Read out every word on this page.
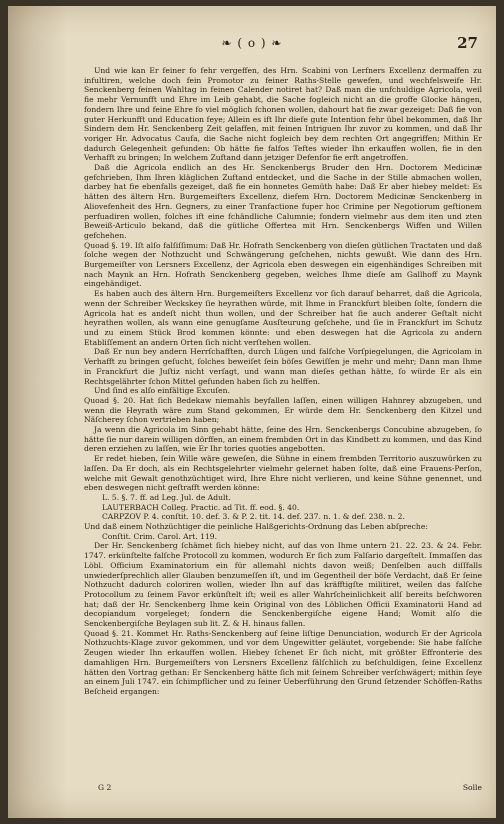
❧ ( o ) ❧	27

Und wie kan Er feiner fo fehr vergeffen, des Hrn. Scabini von Lerfners Excellenz dermaffen zu infultiren, welche doch fein Promotor zu feiner Raths-Stelle gewefen, und wechfelsweife Hr. Senckenberg feinen Wahltag in feinen Calender notiret hat? Daß man die unfchuldige Agricola, weil fie mehr Vernunfft und Ehre im Leib gehabt, die Sache fogleich nicht an die groffe Glocke hängen, fondern Ihre und feine Ehre fo viel möglich fchonen wollen, dahourt hat fie zwar gezeiget: Daß fie von guter Herkunfft und Education feye; Allein es ift Ihr diefe gute Intention fehr übel bekommen, daß Ihr Sindern dem Hr. Senckenberg Zeit gelaffen, mit feinen Intriguen Ihr zuvor zu kommen, und daß Ihr voriger Hr. Advocatus Caufa, die Sache nicht fogleich bey dem rechten Ort angegriffen; Mithin Er dadurch Gelegenheit gefunden: Ob hätte fie falfos Teftes wieder Ihn erkauffen wollen, fie in den Verhafft zu bringen; In welchem Zuftand dann jetziger Defenfor fie erft angetroffen.

Daß die Agricola endlich an des Hr. Senckenbergs Bruder den Hrn. Doctorem Medicinæ gefchrieben, Ihm Ihren kläglichen Zuftand entdecket, und die Sache in der Stille abmachen wollen, darbey hat fie ebenfalls gezeiget, daß fie ein honnetes Gemüth habe: Daß Er aber hiebey meldet: Es hätten des ältern Hrn. Burgemeifters Excellenz, diefem Hrn. Doctorem Medicinæ Senckenberg in Aliovefenheit des Hrn. Gegners, zu einer Tranfactione fuper hoc Crimine per Negotiorum geftionem perfuadiren wollen, folches ift eine fchändliche Calumnie; fondern vielmehr aus dem iten und zten Beweiß-Articulo bekand, daß die gütliche Offertea mit Hrn. Senckenbergs Wiffen und Willen gefchehen.

Quoad §. 19. Iſt alſo falſiſſimum: Daß Hr. Hofrath Senckenberg von dieſen gütlichen Tractaten und daß ſolche wegen der Nothzucht und Schwängerung geſchehen, nichts gewußt. Wie dann des Hrn. Burgemeiſter von Lersners Excellenz, der Agricola eben deswegen ein eigenhändiges Schreiben mit nach Maynk an Hrn. Hofrath Senckenberg gegeben, welches Ihme dieſe am Gallhoff zu Maynk eingehändiget.

Es haben auch des ältern Hrn. Burgemeiſters Excellenz vor ſich darauf beharret, daß die Agricola, wenn der Schreiber Weckskey ſie heyrathen würde, mit Ihme in Franckfurt bleiben ſolte, ſondern die Agricola hat es andeſt nicht thun wollen, und der Schreiber hat ſie auch anderer Geſtalt nicht heyrathen wollen, als wann eine genugſame Ausſteurung geſchehe, und ſie in Franckfurt im Schutz und zu einem Stück Brod kommen könnte: und eben deswegen hat die Agricola zu andern Etabliſſement an andern Orten ſich nicht verſtehen wollen.

Daß Er nun bey andern Herrſchafften, durch Lügen und falſche Vorſpiegelungen, die Agricolam in Verhafft zu bringen geſucht, ſolches beweiſet ſein böſes Gewiſſen je mehr und mehr; Dann man Ihme in Franckfurt die Juſtiz nicht verſagt, und wann man dieſes gethan hätte, ſo würde Er als ein Rechtsgelährter ſchon Mittel gefunden haben ſich zu helffen.

Und ſind es alſo einfältige Excuſen.

Quoad §. 20. Hat ſich Bedekaw niemahls beyfallen laſſen, einen willigen Hahnrey abzugeben, und wenn die Heyrath wäre zum Stand gekommen, Er würde dem Hr. Senckenberg den Kitzel und Näſcherey ſchon vertrieben haben;

Ja wenn die Agricola im Sinn gehabt hätte, ſeine des Hrn. Senckenbergs Concubine abzugeben, ſo hätte ſie nur darein willigen dörffen, an einem frembden Ort in das Kindbett zu kommen, und das Kind deren erziehen zu laſſen, wie Er Ihr tories quoties angebotten.

Er redet hieben, ſein Wille wäre geweſen, die Sühne in einem frembden Territorio auszuwürken zu laſſen. Da Er doch, als ein Rechtsgelehrter vielmehr gelernet haben ſolte, daß eine Frauens-Perſon, welche mit Gewalt genothzüchtiget wird, Ihre Ehre nicht verlieren, und keine Sühne genennet, und eben deswegen nicht geſtrafft werden könne:

L. 5. §. 7. ff. ad Leg. Jul. de Adult.

LAUTERBACH Colleg. Practic. ad Tit. ff. eod. §. 40.

CARPZOV P. 4. conſtit. 10. def. 3. & P. 2. tit. 14. def. 237. n. 1. & def. 238. n. 2.

Und daß einem Nothzüchtiger die peinliche Halßgerichts-Ordnung das Leben abſpreche:

Conſtit. Crim. Carol. Art. 119.

Der Hr. Senckenberg ſchämet ſich hiebey nicht, auf das von Ihme untern 21. 22. 23. & 24. Febr. 1747. erkünſtelte falſche Protocoll zu kommen, wodurch Er ſich zum Falſario dargeſtelt. Immaſſen das Löbl. Officium Examinatorium ein für allemahl nichts davon weiß; Denſelben auch diſſfalls unwiederſprechlich aller Glauben benzumeſſen iſt, und im Gegentheil der böſe Verdacht, daß Er ſeine Nothzucht dadurch coloriren wollen, wieder Ihn auf das kräfftigſte militiret, weilen das falſche Protocollum zu ſeinem Favor erkünſtelt iſt; weil es aller Wahrſcheinlichkeit allſ bereits beſchworen hat; daß der Hr. Senckenberg Ihme kein Original von des Löblichen Officii Examinatorii Hand ad decopiandum vorgeleget; ſondern die Senckenbergiſche eigene Hand; Womit alſo die Senckenbergiſche Beylagen sub lit. Z. & H. hinaus fallen.

Quoad §. 21. Kommet Hr. Raths-Senckenberg auf ſeine liſtige Denunciation, wodurch Er der Agricola Nothzuchts-Klage zuvor gekommen, und vor dem Ungewitter geläutet, vorgebende: Sie habe falſche Zeugen wieder Ihn erkauffen wollen. Hiebey ſchenet Er ſich nicht, mit größter Effronterie des damahligen Hrn. Burgemeiſters von Lersners Excellenz fälſchlich zu beſchuldigen, ſeine Excellenz hätten den Vortrag gethan: Er Senckenberg hätte ſich mit ſeinem Schreiber verſchwägert; mithin ſeye an einem Juli 1747. ein ſchimpflicher und zu ſeiner Ueberführung den Grund ſetzender Schöffen-Raths Beſcheid ergangen:

G 2	Solle
